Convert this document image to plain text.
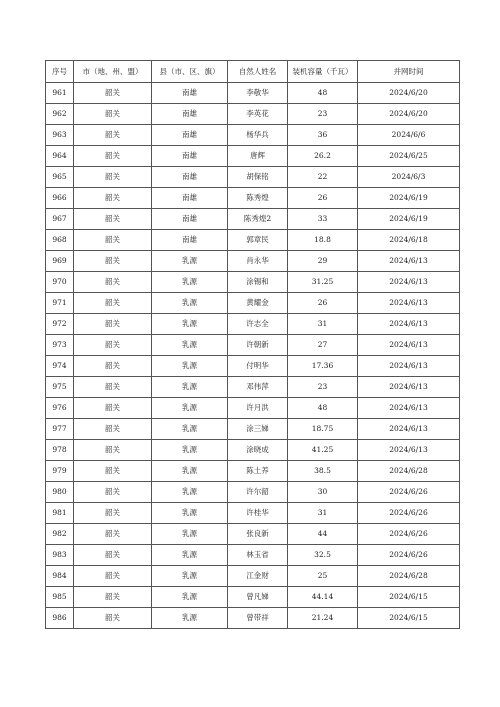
序号	市（地、州、盟）	县（市、区、旗）	自然人姓名	装机容量（千瓦）	并网时间
961	韶关	南雄	李敬华	48	2024/6/20
962	韶关	南雄	李英花	23	2024/6/20
963	韶关	南雄	杨华兵	36	2024/6/6
964	韶关	南雄	唐辉	26.2	2024/6/25
965	韶关	南雄	胡保铭	22	2024/6/3
966	韶关	南雄	陈秀煌	26	2024/6/19
967	韶关	南雄	陈秀煌2	33	2024/6/19
968	韶关	南雄	郭章民	18.8	2024/6/18
969	韶关	乳源	肖永华	29	2024/6/13
970	韶关	乳源	涂锡和	31.25	2024/6/13
971	韶关	乳源	黄耀金	26	2024/6/13
972	韶关	乳源	许志全	31	2024/6/13
973	韶关	乳源	许朝新	27	2024/6/13
974	韶关	乳源	付明华	17.36	2024/6/13
975	韶关	乳源	邓伟萍	23	2024/6/13
976	韶关	乳源	许月洪	48	2024/6/13
977	韶关	乳源	涂三娣	18.75	2024/6/13
978	韶关	乳源	涂晓成	41.25	2024/6/13
979	韶关	乳源	陈土养	38.5	2024/6/28
980	韶关	乳源	许尔韶	30	2024/6/26
981	韶关	乳源	许桂华	31	2024/6/26
982	韶关	乳源	张良新	44	2024/6/26
983	韶关	乳源	林玉省	32.5	2024/6/26
984	韶关	乳源	江金财	25	2024/6/28
985	韶关	乳源	曾凡娣	44.14	2024/6/15
986	韶关	乳源	曾带祥	21.24	2024/6/15
